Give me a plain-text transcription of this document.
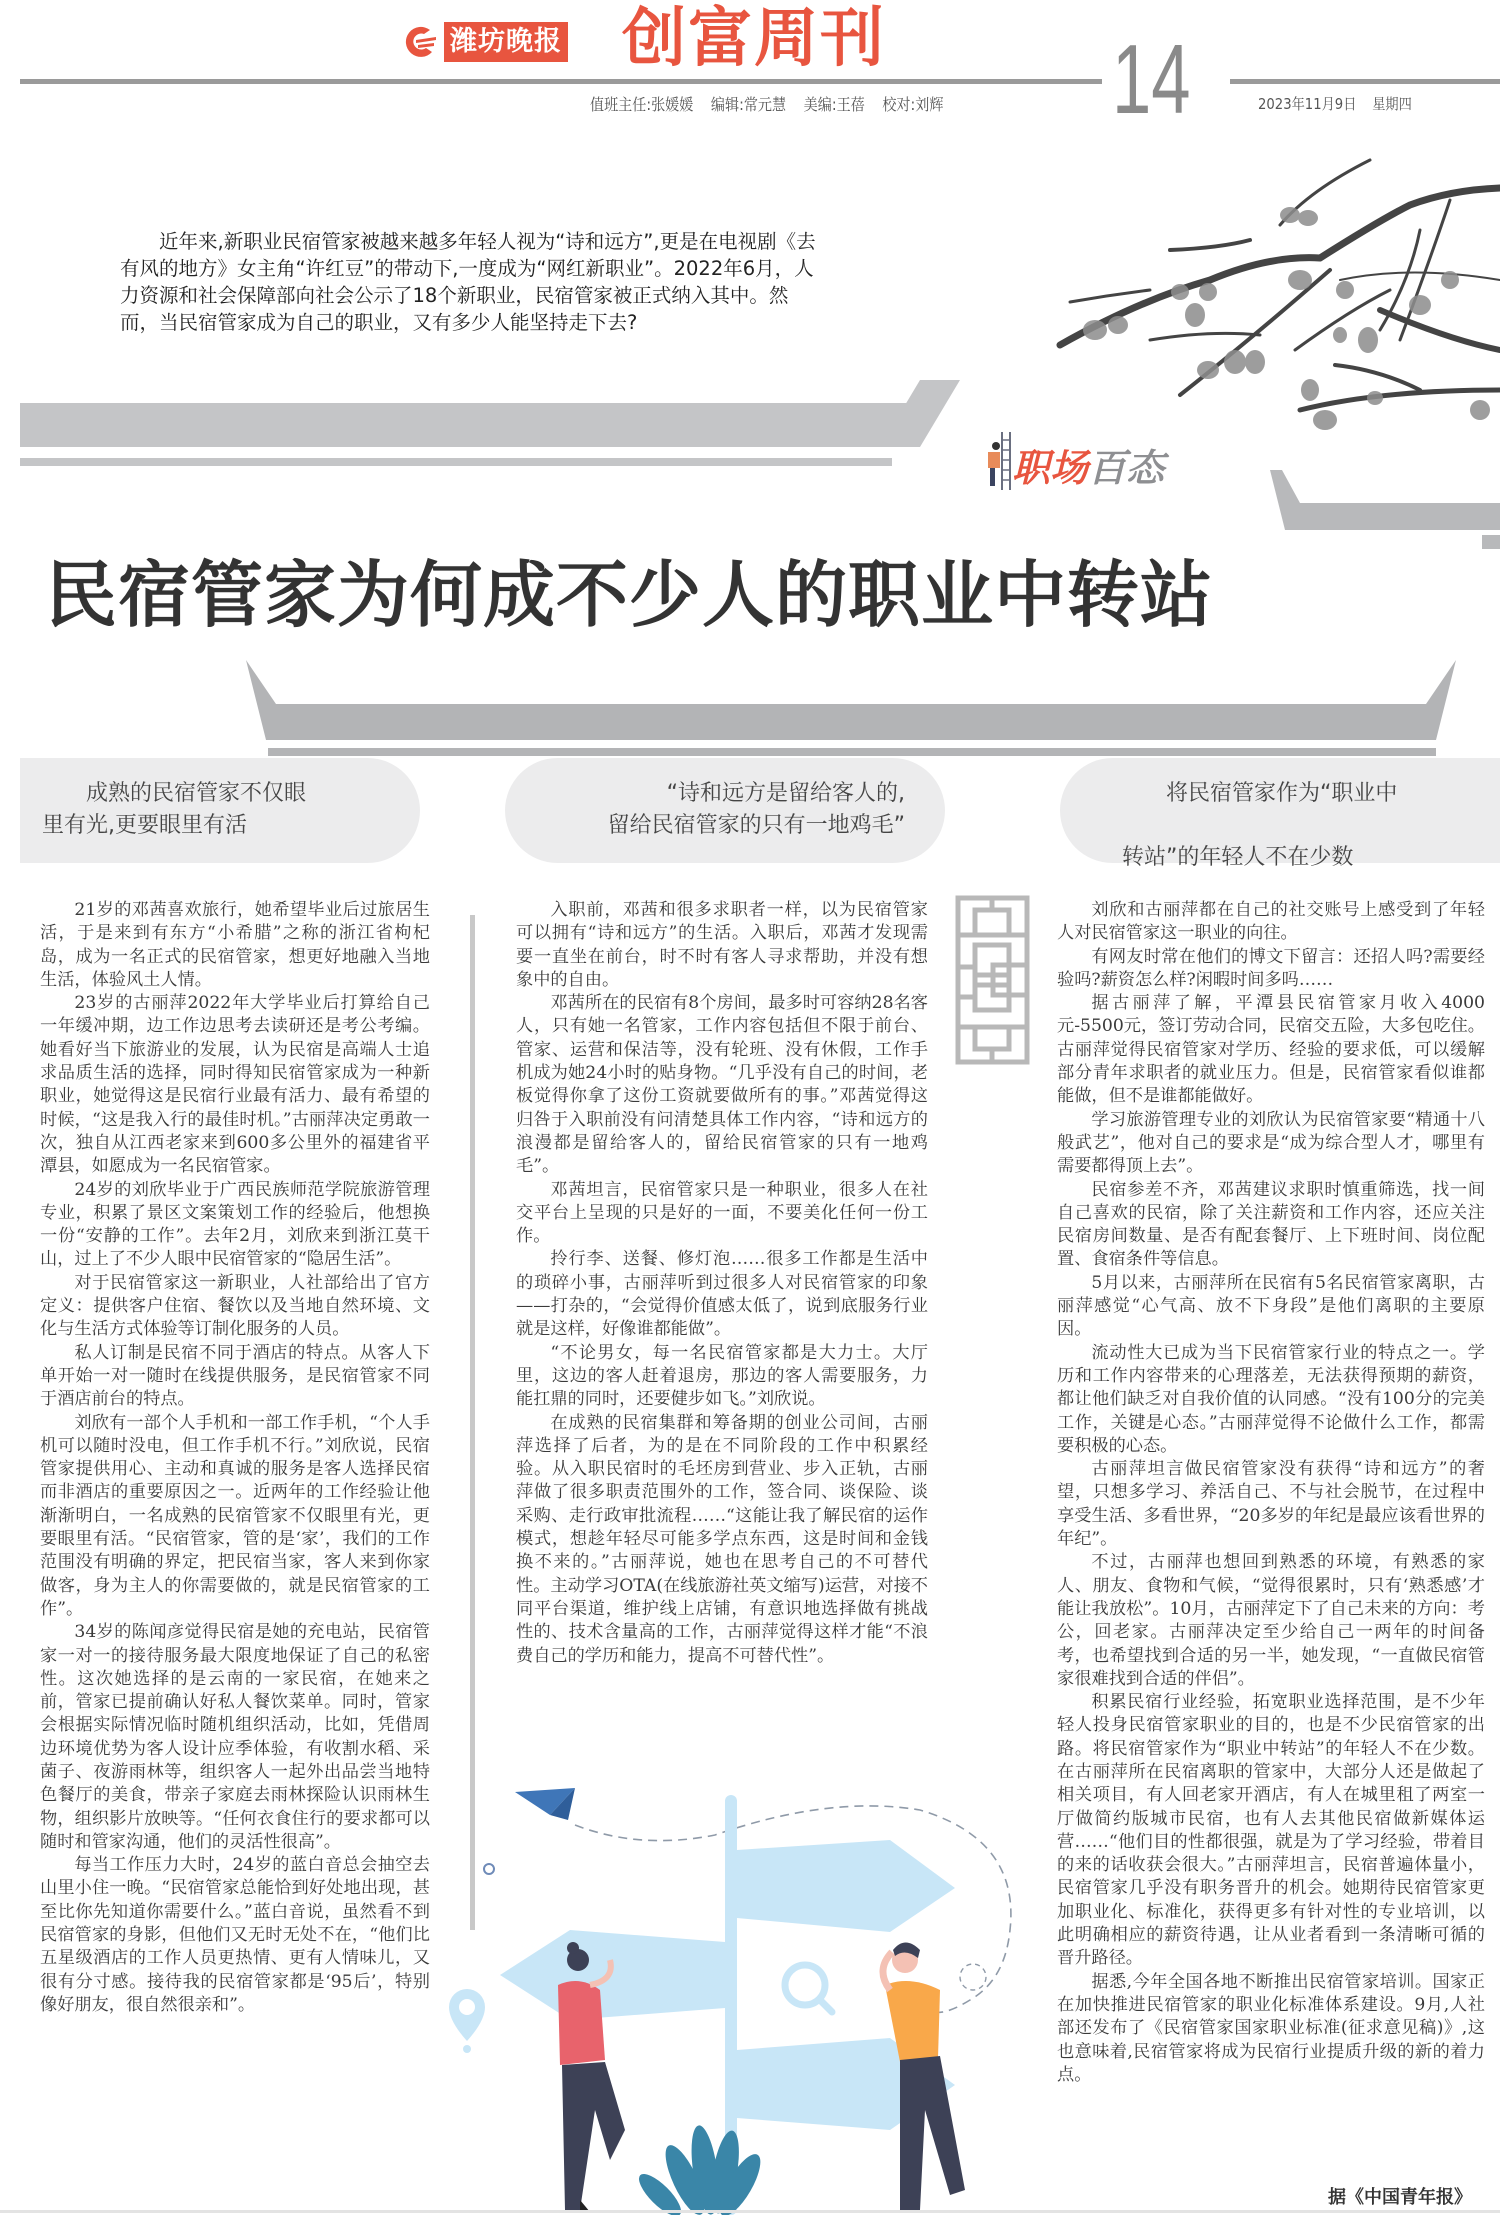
潍坊晚报 创富周刊 14
值班主任:张媛媛 编辑:常元慧 美编:王蓓 校对:刘辉	2023年11月9日 星期四

近年来,新职业民宿管家被越来越多年轻人视为“诗和远方”,更是在电视剧《去有风的地方》女主角“许红豆”的带动下,一度成为“网红新职业”。2022年6月，人力资源和社会保障部向社会公示了18个新职业，民宿管家被正式纳入其中。然而，当民宿管家成为自己的职业，又有多少人能坚持走下去?

职场 百态
民宿管家为何成不少人的职业中转站
成熟的民宿管家不仅眼
里有光,更要眼里有活
“诗和远方是留给客人的,
留给民宿管家的只有一地鸡毛”
将民宿管家作为“职业中

转站”的年轻人不在少数

21岁的邓茜喜欢旅行，她希望毕业后过旅居生活，于是来到有东方“小希腊”之称的浙江省枸杞岛，成为一名正式的民宿管家，想更好地融入当地生活，体验风土人情。

23岁的古丽萍2022年大学毕业后打算给自己一年缓冲期，边工作边思考去读研还是考公考编。她看好当下旅游业的发展，认为民宿是高端人士追求品质生活的选择，同时得知民宿管家成为一种新职业，她觉得这是民宿行业最有活力、最有希望的时候，“这是我入行的最佳时机。”古丽萍决定勇敢一次，独自从江西老家来到600多公里外的福建省平潭县，如愿成为一名民宿管家。

24岁的刘欣毕业于广西民族师范学院旅游管理专业，积累了景区文案策划工作的经验后，他想换一份“安静的工作”。去年2月，刘欣来到浙江莫干山，过上了不少人眼中民宿管家的“隐居生活”。

对于民宿管家这一新职业，人社部给出了官方定义：提供客户住宿、餐饮以及当地自然环境、文化与生活方式体验等订制化服务的人员。

私人订制是民宿不同于酒店的特点。从客人下单开始一对一随时在线提供服务，是民宿管家不同于酒店前台的特点。

刘欣有一部个人手机和一部工作手机，“个人手机可以随时没电，但工作手机不行。”刘欣说，民宿管家提供用心、主动和真诚的服务是客人选择民宿而非酒店的重要原因之一。近两年的工作经验让他渐渐明白，一名成熟的民宿管家不仅眼里有光，更要眼里有活。“民宿管家，管的是‘家’，我们的工作范围没有明确的界定，把民宿当家，客人来到你家做客，身为主人的你需要做的，就是民宿管家的工作”。

34岁的陈闻彦觉得民宿是她的充电站，民宿管家一对一的接待服务最大限度地保证了自己的私密性。这次她选择的是云南的一家民宿，在她来之前，管家已提前确认好私人餐饮菜单。同时，管家会根据实际情况临时随机组织活动，比如，凭借周边环境优势为客人设计应季体验，有收割水稻、采菌子、夜游雨林等，组织客人一起外出品尝当地特色餐厅的美食，带亲子家庭去雨林探险认识雨林生物，组织影片放映等。“任何衣食住行的要求都可以随时和管家沟通，他们的灵活性很高”。

每当工作压力大时，24岁的蓝白音总会抽空去山里小住一晚。“民宿管家总能恰到好处地出现，甚至比你先知道你需要什么。”蓝白音说，虽然看不到民宿管家的身影，但他们又无时无处不在，“他们比五星级酒店的工作人员更热情、更有人情味儿，又很有分寸感。接待我的民宿管家都是‘95后’，特别像好朋友，很自然很亲和”。

入职前，邓茜和很多求职者一样，以为民宿管家可以拥有“诗和远方”的生活。入职后，邓茜才发现需要一直坐在前台，时不时有客人寻求帮助，并没有想象中的自由。

邓茜所在的民宿有8个房间，最多时可容纳28名客人，只有她一名管家，工作内容包括但不限于前台、管家、运营和保洁等，没有轮班、没有休假，工作手机成为她24小时的贴身物。“几乎没有自己的时间，老板觉得你拿了这份工资就要做所有的事。”邓茜觉得这归咎于入职前没有问清楚具体工作内容，“诗和远方的浪漫都是留给客人的，留给民宿管家的只有一地鸡毛”。

邓茜坦言，民宿管家只是一种职业，很多人在社交平台上呈现的只是好的一面，不要美化任何一份工作。

拎行李、送餐、修灯泡……很多工作都是生活中的琐碎小事，古丽萍听到过很多人对民宿管家的印象——打杂的，“会觉得价值感太低了，说到底服务行业就是这样，好像谁都能做”。

“不论男女，每一名民宿管家都是大力士。大厅里，这边的客人赶着退房，那边的客人需要服务，力能扛鼎的同时，还要健步如飞。”刘欣说。

在成熟的民宿集群和筹备期的创业公司间，古丽萍选择了后者，为的是在不同阶段的工作中积累经验。从入职民宿时的毛坯房到营业、步入正轨，古丽萍做了很多职责范围外的工作，签合同、谈保险、谈采购、走行政审批流程……“这能让我了解民宿的运作模式，想趁年轻尽可能多学点东西，这是时间和金钱换不来的。”古丽萍说，她也在思考自己的不可替代性。主动学习OTA(在线旅游社英文缩写)运营，对接不同平台渠道，维护线上店铺，有意识地选择做有挑战性的、技术含量高的工作，古丽萍觉得这样才能“不浪费自己的学历和能力，提高不可替代性”。

刘欣和古丽萍都在自己的社交账号上感受到了年轻人对民宿管家这一职业的向往。

有网友时常在他们的博文下留言：还招人吗?需要经验吗?薪资怎么样?闲暇时间多吗……

据古丽萍了解，平潭县民宿管家月收入4000元-5500元，签订劳动合同，民宿交五险，大多包吃住。古丽萍觉得民宿管家对学历、经验的要求低，可以缓解部分青年求职者的就业压力。但是，民宿管家看似谁都能做，但不是谁都能做好。

学习旅游管理专业的刘欣认为民宿管家要“精通十八般武艺”，他对自己的要求是“成为综合型人才，哪里有需要都得顶上去”。

民宿参差不齐，邓茜建议求职时慎重筛选，找一间自己喜欢的民宿，除了关注薪资和工作内容，还应关注民宿房间数量、是否有配套餐厅、上下班时间、岗位配置、食宿条件等信息。

5月以来，古丽萍所在民宿有5名民宿管家离职，古丽萍感觉“心气高、放不下身段”是他们离职的主要原因。

流动性大已成为当下民宿管家行业的特点之一。学历和工作内容带来的心理落差，无法获得预期的薪资，都让他们缺乏对自我价值的认同感。“没有100分的完美工作，关键是心态。”古丽萍觉得不论做什么工作，都需要积极的心态。

古丽萍坦言做民宿管家没有获得“诗和远方”的奢望，只想多学习、养活自己、不与社会脱节，在过程中享受生活、多看世界，“20多岁的年纪是最应该看世界的年纪”。

不过，古丽萍也想回到熟悉的环境，有熟悉的家人、朋友、食物和气候，“觉得很累时，只有‘熟悉感’才能让我放松”。10月，古丽萍定下了自己未来的方向：考公，回老家。古丽萍决定至少给自己一两年的时间备考，也希望找到合适的另一半，她发现，“一直做民宿管家很难找到合适的伴侣”。

积累民宿行业经验，拓宽职业选择范围，是不少年轻人投身民宿管家职业的目的，也是不少民宿管家的出路。将民宿管家作为“职业中转站”的年轻人不在少数。在古丽萍所在民宿离职的管家中，大部分人还是做起了相关项目，有人回老家开酒店，有人在城里租了两室一厅做简约版城市民宿，也有人去其他民宿做新媒体运营……“他们目的性都很强，就是为了学习经验，带着目的来的话收获会很大。”古丽萍坦言，民宿普遍体量小，民宿管家几乎没有职务晋升的机会。她期待民宿管家更加职业化、标准化，获得更多有针对性的专业培训，以此明确相应的薪资待遇，让从业者看到一条清晰可循的晋升路径。

据悉,今年全国各地不断推出民宿管家培训。国家正在加快推进民宿管家的职业化标准体系建设。9月,人社部还发布了《民宿管家国家职业标准(征求意见稿)》,这也意味着,民宿管家将成为民宿行业提质升级的新的着力点。

据《中国青年报》
